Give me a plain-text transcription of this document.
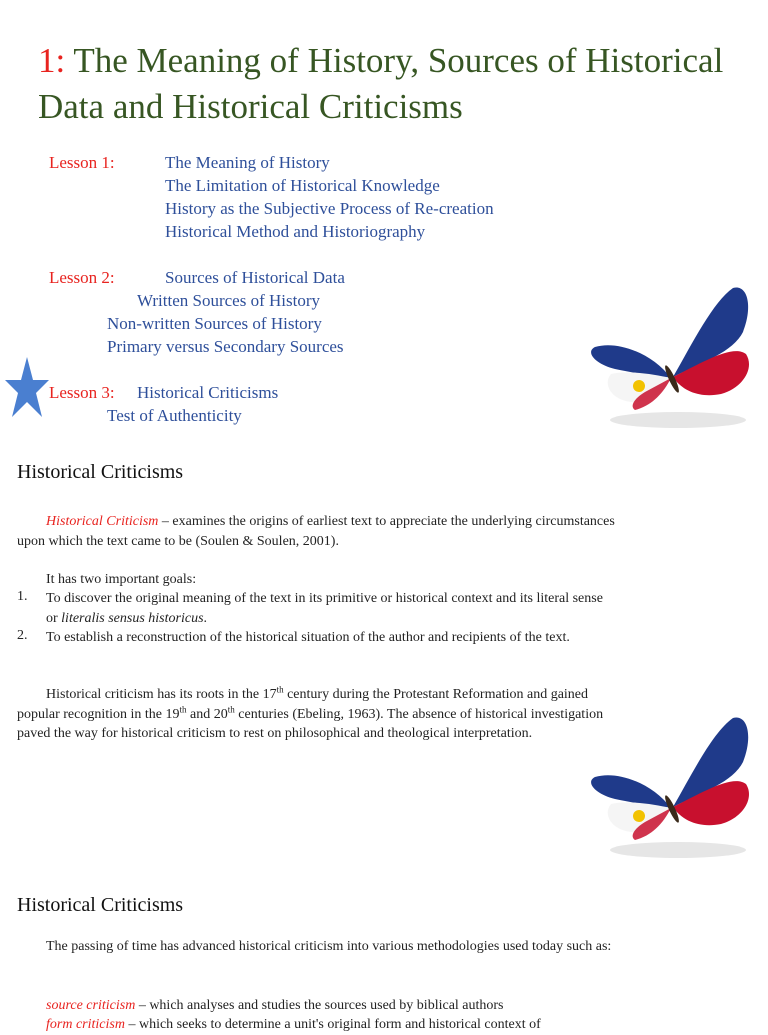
1: The Meaning of History, Sources of Historical Data and Historical Criticisms
Lesson 1:	The Meaning of History
The Limitation of Historical Knowledge
History as the Subjective Process of Re-creation
Historical Method and Historiography
Lesson 2:	Sources of Historical Data
Written Sources of History
Non-written Sources of History
Primary versus Secondary Sources
Lesson 3: Historical Criticisms
Test of Authenticity
Historical Criticisms
Historical Criticism – examines the origins of earliest text to appreciate the underlying circumstances upon which the text came to be (Soulen & Soulen, 2001).
It has two important goals:
1. To discover the original meaning of the text in its primitive or historical context and its literal sense or literalis sensus historicus.
2. To establish a reconstruction of the historical situation of the author and recipients of the text.
Historical criticism has its roots in the 17th century during the Protestant Reformation and gained popular recognition in the 19th and 20th centuries (Ebeling, 1963). The absence of historical investigation paved the way for historical criticism to rest on philosophical and theological interpretation.
Historical Criticisms
The passing of time has advanced historical criticism into various methodologies used today such as:
source criticism – which analyses and studies the sources used by biblical authors
form criticism – which seeks to determine a unit's original form and historical context of
